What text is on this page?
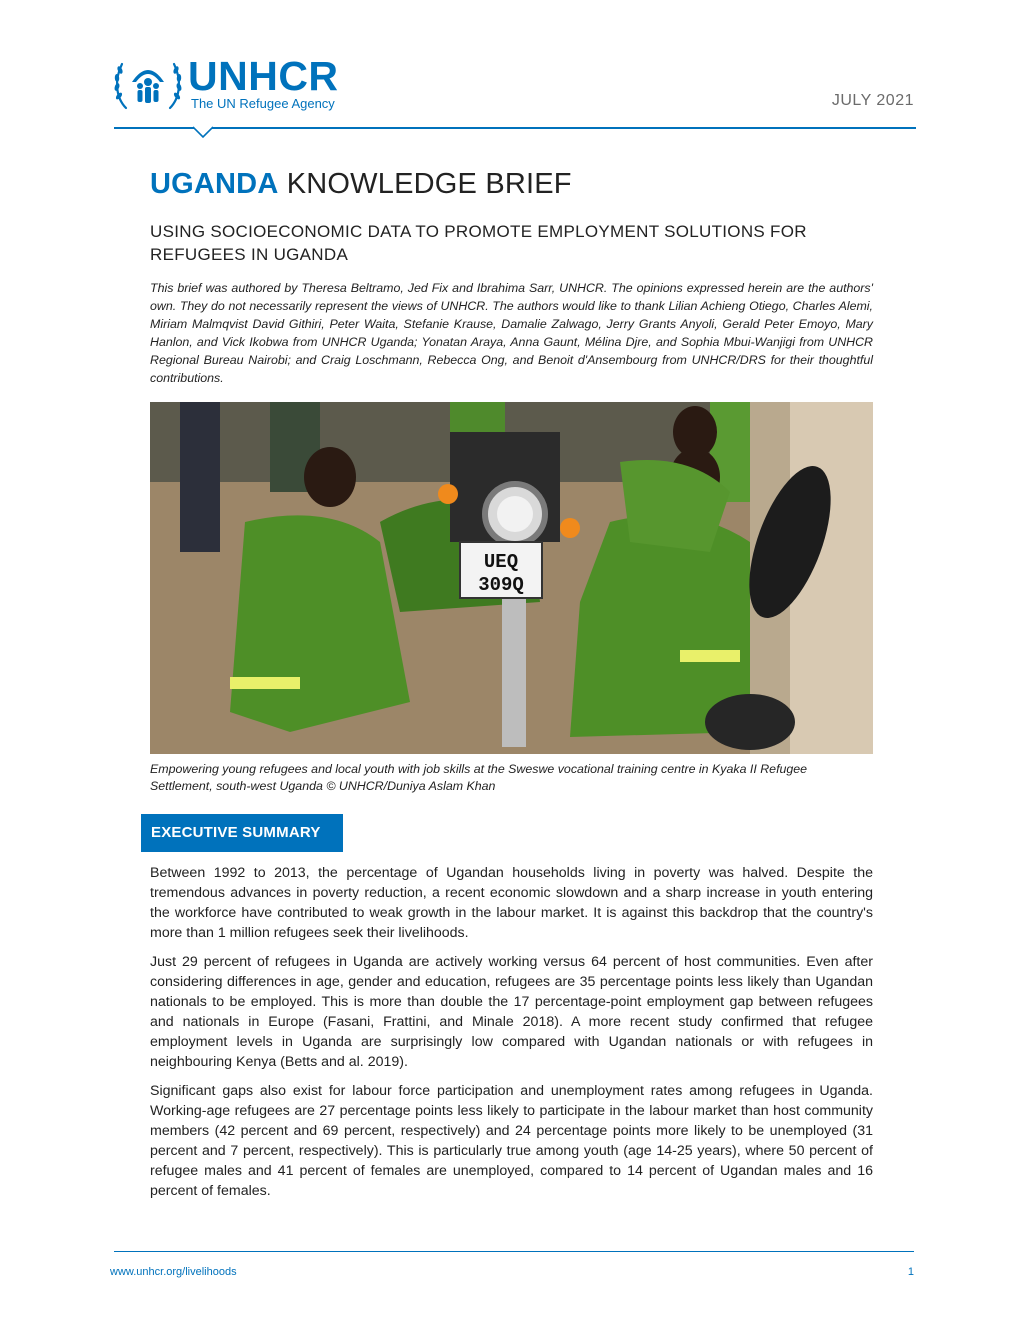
UNHCR
The UN Refugee Agency	JULY 2021
UGANDA KNOWLEDGE BRIEF
USING SOCIOECONOMIC DATA TO PROMOTE EMPLOYMENT SOLUTIONS FOR REFUGEES IN UGANDA
This brief was authored by Theresa Beltramo, Jed Fix and Ibrahima Sarr, UNHCR. The opinions expressed herein are the authors' own. They do not necessarily represent the views of UNHCR. The authors would like to thank Lilian Achieng Otiego, Charles Alemi, Miriam Malmqvist David Githiri, Peter Waita, Stefanie Krause, Damalie Zalwago, Jerry Grants Anyoli, Gerald Peter Emoyo, Mary Hanlon, and Vick Ikobwa from UNHCR Uganda; Yonatan Araya, Anna Gaunt, Mélina Djre, and Sophia Mbui-Wanjigi from UNHCR Regional Bureau Nairobi; and Craig Loschmann, Rebecca Ong, and Benoit d'Ansembourg from UNHCR/DRS for their thoughtful contributions.
UEQ
309Q
Empowering young refugees and local youth with job skills at the Sweswe vocational training centre in Kyaka II Refugee Settlement, south-west Uganda © UNHCR/Duniya Aslam Khan
EXECUTIVE SUMMARY

Between 1992 to 2013, the percentage of Ugandan households living in poverty was halved. Despite the tremendous advances in poverty reduction, a recent economic slowdown and a sharp increase in youth entering the workforce have contributed to weak growth in the labour market. It is against this backdrop that the country's more than 1 million refugees seek their livelihoods.

Just 29 percent of refugees in Uganda are actively working versus 64 percent of host communities. Even after considering differences in age, gender and education, refugees are 35 percentage points less likely than Ugandan nationals to be employed. This is more than double the 17 percentage-point employment gap between refugees and nationals in Europe (Fasani, Frattini, and Minale 2018). A more recent study confirmed that refugee employment levels in Uganda are surprisingly low compared with Ugandan nationals or with refugees in neighbouring Kenya (Betts and al. 2019).

Significant gaps also exist for labour force participation and unemployment rates among refugees in Uganda. Working-age refugees are 27 percentage points less likely to participate in the labour market than host community members (42 percent and 69 percent, respectively) and 24 percentage points more likely to be unemployed (31 percent and 7 percent, respectively). This is particularly true among youth (age 14-25 years), where 50 percent of refugee males and 41 percent of females are unemployed, compared to 14 percent of Ugandan males and 16 percent of females.

www.unhcr.org/livelihoods	1
